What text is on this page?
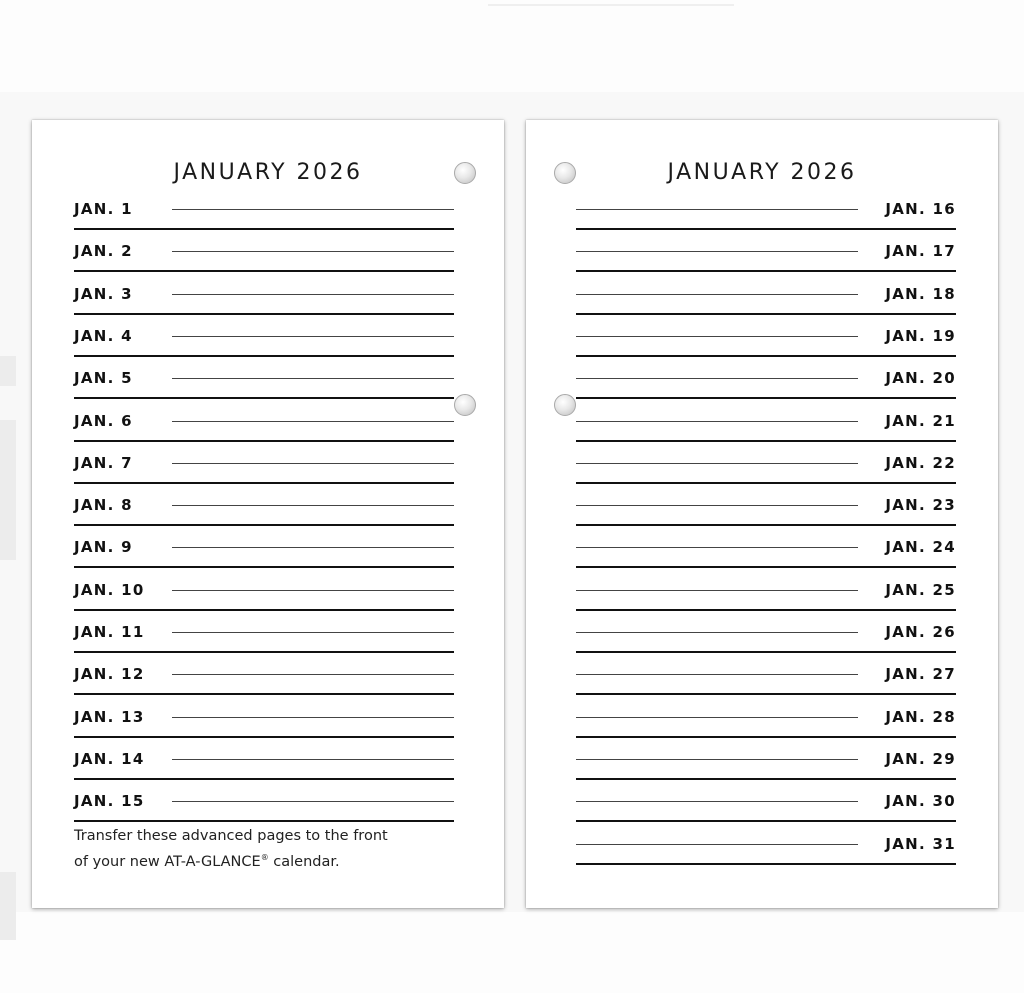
JANUARY 2026
JAN. 1
JAN. 2
JAN. 3
JAN. 4
JAN. 5
JAN. 6
JAN. 7
JAN. 8
JAN. 9
JAN. 10
JAN. 11
JAN. 12
JAN. 13
JAN. 14
JAN. 15
Transfer these advanced pages to the front
of your new AT-A-GLANCE® calendar.
JANUARY 2026
JAN. 16
JAN. 17
JAN. 18
JAN. 19
JAN. 20
JAN. 21
JAN. 22
JAN. 23
JAN. 24
JAN. 25
JAN. 26
JAN. 27
JAN. 28
JAN. 29
JAN. 30
JAN. 31
